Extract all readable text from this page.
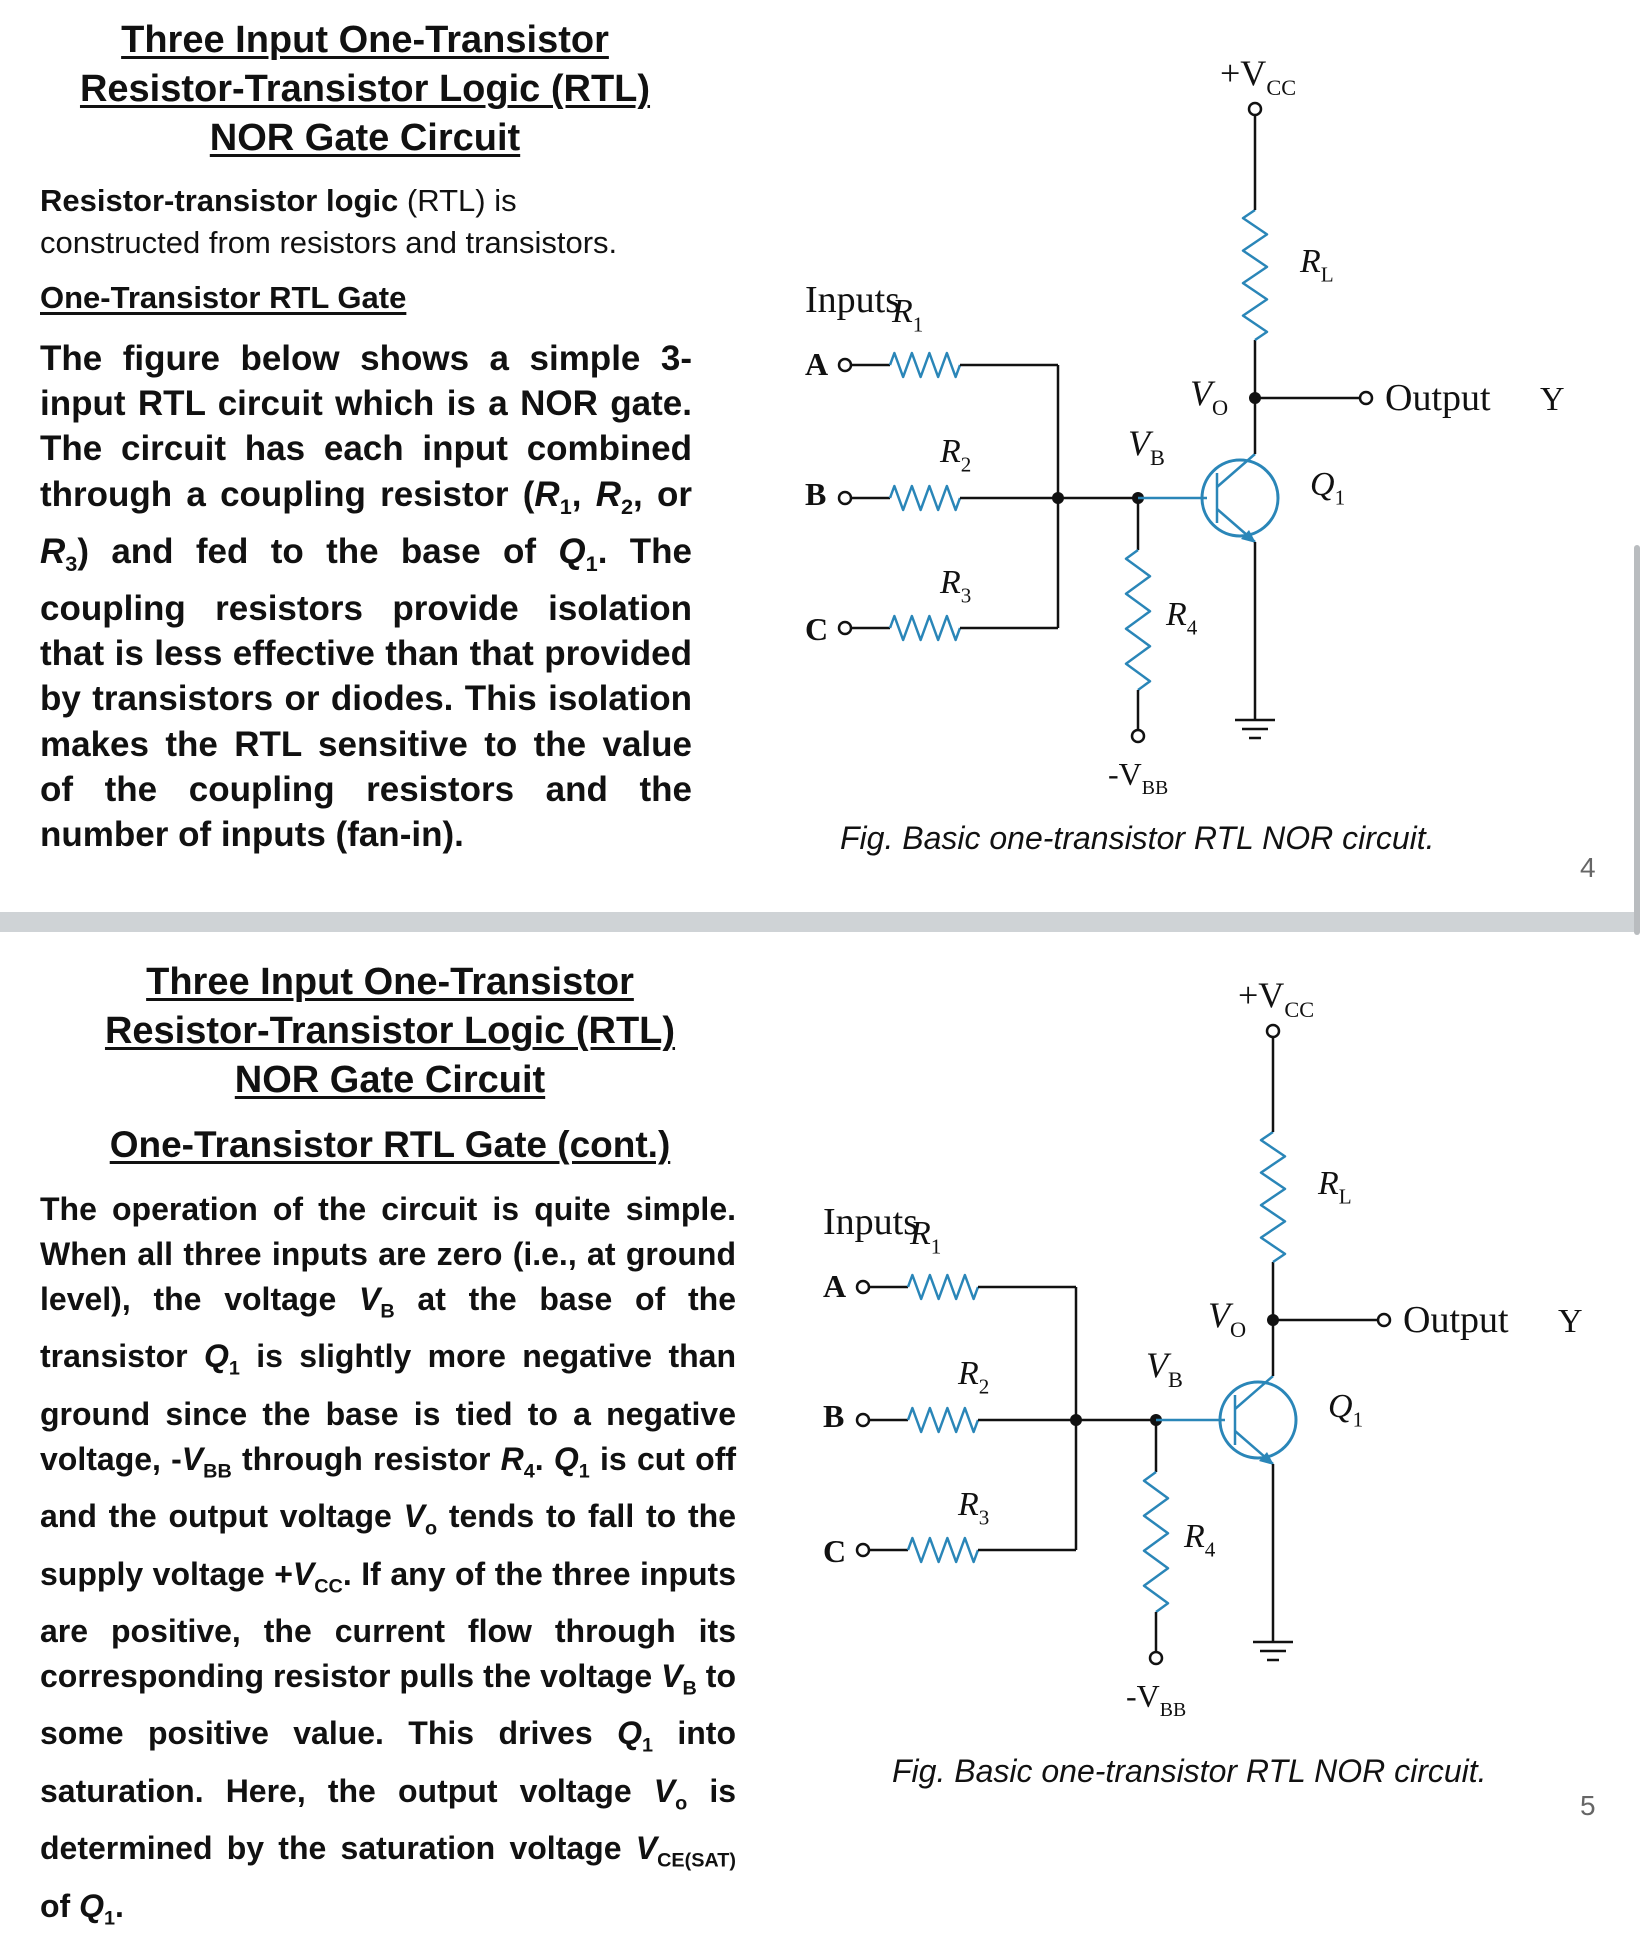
Three Input One-Transistor
Resistor-Transistor Logic (RTL)
NOR Gate Circuit
Resistor-transistor logic (RTL) is constructed from resistors and transistors.
One-Transistor RTL Gate
The figure below shows a simple 3-input RTL circuit which is a NOR gate. The circuit has each input combined through a coupling resistor ($R_1$, $R_2$, or $R_3$) and fed to the base of $Q_1$. The coupling resistors provide isolation that is less effective than that provided by transistors or diodes. This isolation makes the RTL sensitive to the value of the coupling resistors and the number of inputs (fan-in).
Inputs
$R_1$
A
$R_2$
B
$R_3$
C
$V_B$
$R_4$
$-V_{BB}$
$Q_1$
Output Y
$V_O$
$R_L$
$+V_{CC}$
Fig. Basic one-transistor RTL NOR circuit.
4
Three Input One-Transistor
Resistor-Transistor Logic (RTL)
NOR Gate Circuit
One-Transistor RTL Gate (cont.)
The operation of the circuit is quite simple. When all three inputs are zero (i.e., at ground level), the voltage $V_B$ at the base of the transistor $Q_1$ is slightly more negative than ground since the base is tied to a negative voltage, $-V_{BB}$ through resistor $R_4$. $Q_1$ is cut off and the output voltage $V_o$ tends to fall to the supply voltage $+V_{CC}$. If any of the three inputs are positive, the current flow through its corresponding resistor pulls the voltage $V_B$ to some positive value. This drives $Q_1$ into saturation. Here, the output voltage $V_o$ is determined by the saturation voltage $V_{CE(SAT)}$ of $Q_1$.
Inputs
$R_1$
A
$R_2$
B
$R_3$
C
$V_B$
$R_4$
$-V_{BB}$
$Q_1$
Output Y
$V_O$
$R_L$
$+V_{CC}$
Fig. Basic one-transistor RTL NOR circuit.
5
